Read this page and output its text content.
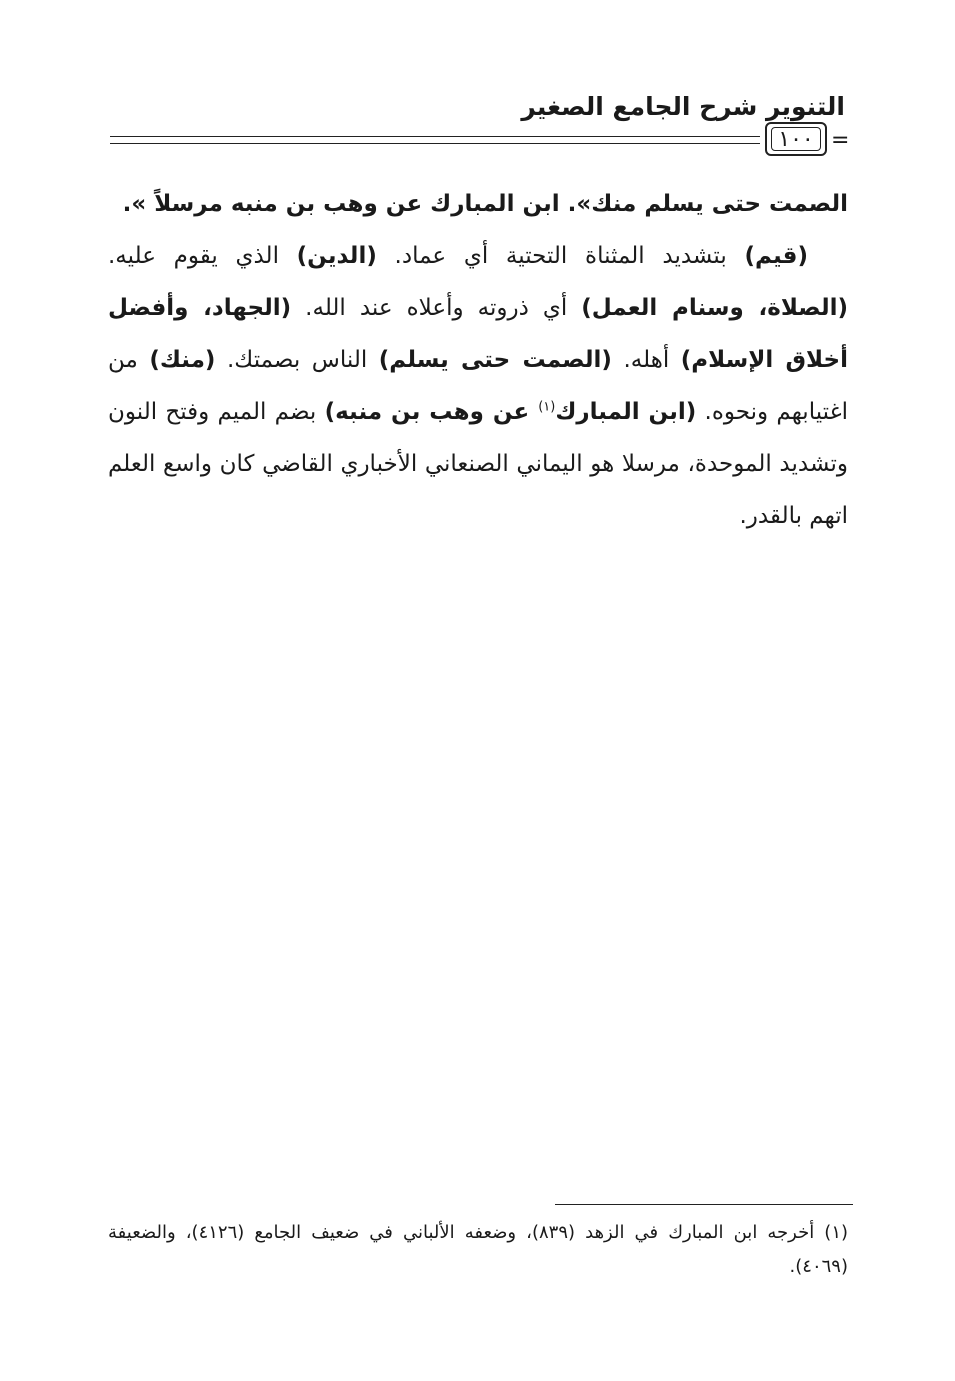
التنوير شرح الجامع الصغير
١٠٠ =

الصمت حتى يسلم منك». ابن المبارك عن وهب بن منبه مرسلاً ».

(قيم) بتشديد المثناة التحتية أي عماد. (الدين) الذي يقوم عليه. (الصلاة، وسنام العمل) أي ذروته وأعلاه عند الله. (الجهاد، وأفضل أخلاق الإسلام) أهله. (الصمت حتى يسلم) الناس بصمتك. (منك) من اغتيابهم ونحوه. (ابن المبارك$^{(١)}$ عن وهب بن منبه) بضم الميم وفتح النون وتشديد الموحدة، مرسلا هو اليماني الصنعاني الأخباري القاضي كان واسع العلم اتهم بالقدر.

(١) أخرجه ابن المبارك في الزهد (٨٣٩)، وضعفه الألباني في ضعيف الجامع (٤١٢٦)، والضعيفة (٤٠٦٩).
